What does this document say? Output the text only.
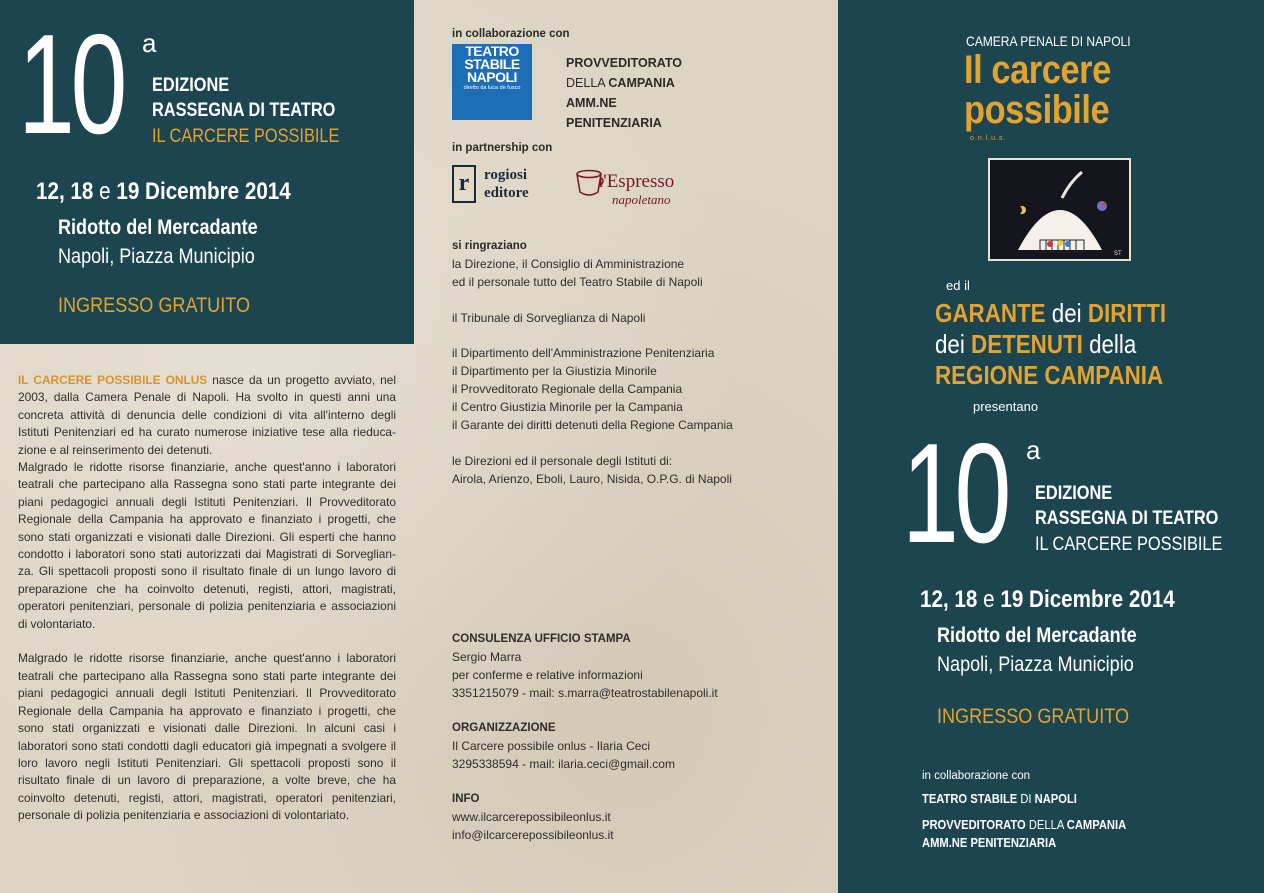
10 a
EDIZIONE
RASSEGNA DI TEATRO
IL CARCERE POSSIBILE
12, 18 e 19 Dicembre 2014
Ridotto del Mercadante
Napoli, Piazza Municipio
INGRESSO GRATUITO

IL CARCERE POSSIBILE ONLUS nasce da un progetto avviato, nel 2003, dalla Camera Penale di Napoli. Ha svolto in questi anni una concreta attività di denuncia delle condizioni di vita all'interno degli Istituti Penitenziari ed ha curato numerose iniziative tese alla rieduca-zione e al reinserimento dei detenuti.

Malgrado le ridotte risorse finanziarie, anche quest'anno i laboratori teatrali che partecipano alla Rassegna sono stati parte integrante dei piani pedagogici annuali degli Istituti Penitenziari. Il Provveditorato Regionale della Campania ha approvato e finanziato i progetti, che sono stati organizzati e visionati dalle Direzioni. Gli esperti che hanno condotto i laboratori sono stati autorizzati dai Magistrati di Sorveglian-za. Gli spettacoli proposti sono il risultato finale di un lungo lavoro di preparazione che ha coinvolto detenuti, registi, attori, magistrati, operatori penitenziari, personale di polizia penitenziaria e associazioni di volontariato.

Malgrado le ridotte risorse finanziarie, anche quest'anno i laboratori teatrali che partecipano alla Rassegna sono stati parte integrante dei piani pedagogici annuali degli Istituti Penitenziari. Il Provveditorato Regionale della Campania ha approvato e finanziato i progetti, che sono stati organizzati e visionati dalle Direzioni. In alcuni casi i laboratori sono stati condotti dagli educatori già impegnati a svolgere il loro lavoro negli Istituti Penitenziari. Gli spettacoli proposti sono il risultato finale di un lavoro di preparazione, a volte breve, che ha coinvolto detenuti, registi, attori, magistrati, operatori penitenziari, personale di polizia penitenziaria e associazioni di volontariato.

in collaborazione con
TEATRO
STABILE
NAPOLI
diretto da luca de fusco
PROVVEDITORATO
DELLA CAMPANIA
AMM.NE
PENITENZIARIA
in partnership con
r rogiosi
editore
l'Espresso
napoletano
si ringraziano

la Direzione, il Consiglio di Amministrazione
ed il personale tutto del Teatro Stabile di Napoli

il Tribunale di Sorveglianza di Napoli

il Dipartimento dell'Amministrazione Penitenziaria
il Dipartimento per la Giustizia Minorile
il Provveditorato Regionale della Campania
il Centro Giustizia Minorile per la Campania
il Garante dei diritti detenuti della Regione Campania

le Direzioni ed il personale degli Istituti di:
Airola, Arienzo, Eboli, Lauro, Nisida, O.P.G. di Napoli

CONSULENZA UFFICIO STAMPA
Sergio Marra
per conferme e relative informazioni
3351215079 - mail: s.marra@teatrostabilenapoli.it
ORGANIZZAZIONE
Il Carcere possibile onlus - Ilaria Ceci
3295338594 - mail: ilaria.ceci@gmail.com
INFO
www.ilcarcerepossibileonlus.it
info@ilcarcerepossibileonlus.it
CAMERA PENALE DI NAPOLI
Il carcere
possibile
o.n.l.u.s.
ST
ed il
GARANTE dei DIRITTI
dei DETENUTI della
REGIONE CAMPANIA
presentano
10 a
EDIZIONE
RASSEGNA DI TEATRO
IL CARCERE POSSIBILE
12, 18 e 19 Dicembre 2014
Ridotto del Mercadante
Napoli, Piazza Municipio
INGRESSO GRATUITO
in collaborazione con
TEATRO STABILE DI NAPOLI
PROVVEDITORATO DELLA CAMPANIA
AMM.NE PENITENZIARIA
